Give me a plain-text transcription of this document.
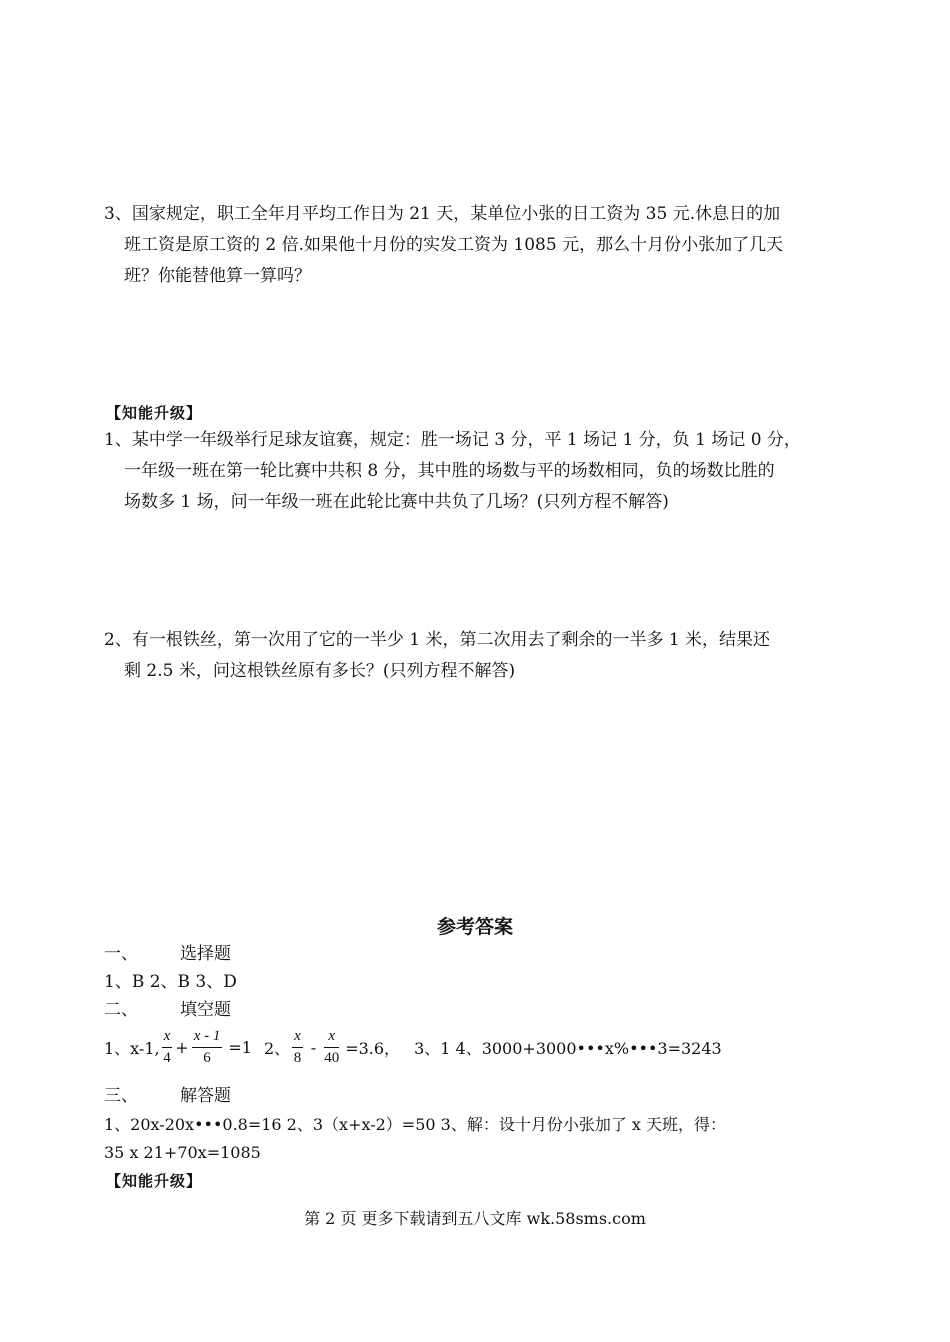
3、国家规定，职工全年月平均工作日为 21 天，某单位小张的日工资为 35 元.休息日的加
班工资是原工资的 2 倍.如果他十月份的实发工资为 1085 元，那么十月份小张加了几天
班？你能替他算一算吗？
【知能升级】
1、某中学一年级举行足球友谊赛，规定：胜一场记 3 分，平 1 场记 1 分，负 1 场记 0 分，
一年级一班在第一轮比赛中共积 8 分，其中胜的场数与平的场数相同，负的场数比胜的
场数多 1 场，问一年级一班在此轮比赛中共负了几场？(只列方程不解答)
2、有一根铁丝，第一次用了它的一半少 1 米，第二次用去了剩余的一半多 1 米，结果还
剩 2.5 米，问这根铁丝原有多长？(只列方程不解答)
参考答案
一、 选择题
1、B 2、B 3、D
二、 填空题
1、x-1, $\frac{x}{4} + \frac{x - 1}{6} =1$ 2、 $\frac{x}{8} - \frac{x}{40} =3.6$， 3、1 4、3000+3000•••x%•••3=3243
三、 解答题
1、20x-20x•••0.8=16 2、3（x+x-2）=50 3、解：设十月份小张加了 x 天班，得：
35 x 21+70x=1085
【知能升级】
第 2 页 更多下载请到五八文库 wk.58sms.com
